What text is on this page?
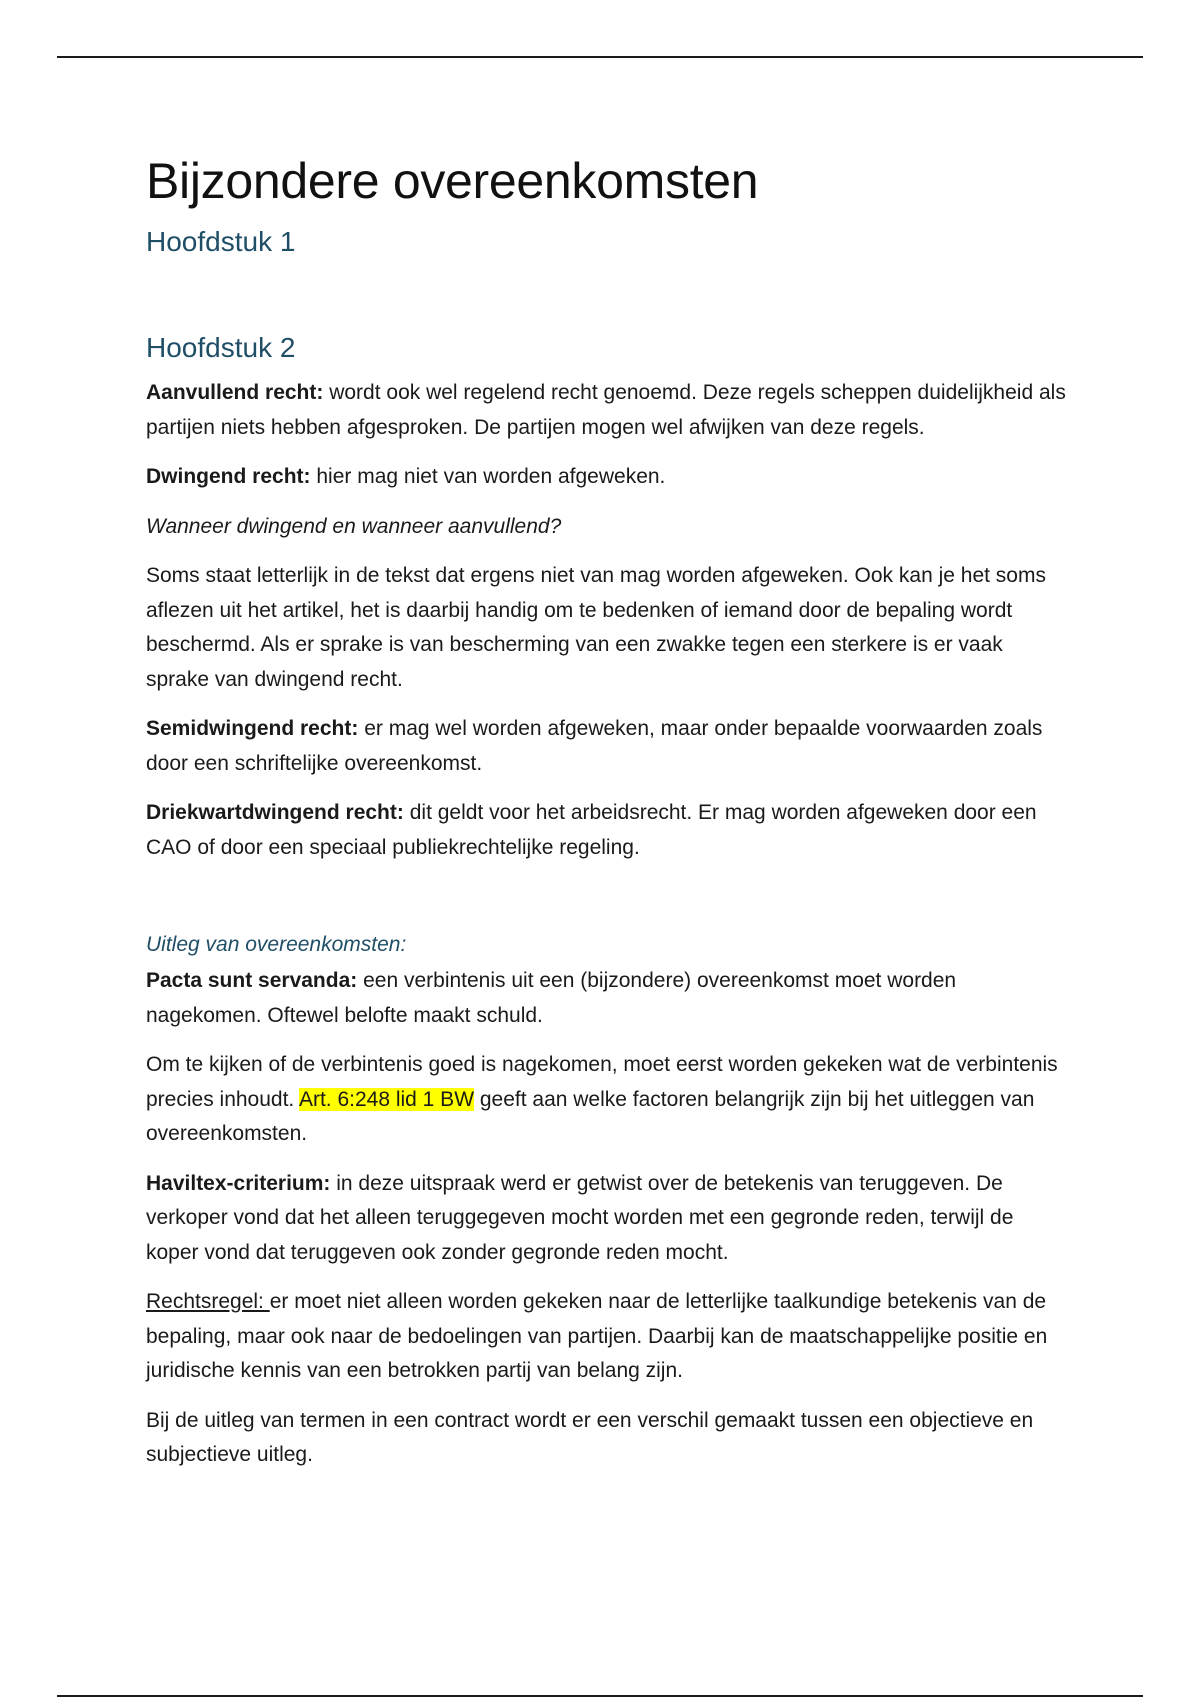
Bijzondere overeenkomsten
Hoofdstuk 1
Hoofdstuk 2

Aanvullend recht: wordt ook wel regelend recht genoemd. Deze regels scheppen duidelijkheid als partijen niets hebben afgesproken. De partijen mogen wel afwijken van deze regels.

Dwingend recht: hier mag niet van worden afgeweken.

Wanneer dwingend en wanneer aanvullend?

Soms staat letterlijk in de tekst dat ergens niet van mag worden afgeweken. Ook kan je het soms aflezen uit het artikel, het is daarbij handig om te bedenken of iemand door de bepaling wordt beschermd. Als er sprake is van bescherming van een zwakke tegen een sterkere is er vaak sprake van dwingend recht.

Semidwingend recht: er mag wel worden afgeweken, maar onder bepaalde voorwaarden zoals door een schriftelijke overeenkomst.

Driekwartdwingend recht: dit geldt voor het arbeidsrecht. Er mag worden afgeweken door een CAO of door een speciaal publiekrechtelijke regeling.

Uitleg van overeenkomsten:

Pacta sunt servanda: een verbintenis uit een (bijzondere) overeenkomst moet worden nagekomen. Oftewel belofte maakt schuld.

Om te kijken of de verbintenis goed is nagekomen, moet eerst worden gekeken wat de verbintenis precies inhoudt. Art. 6:248 lid 1 BW geeft aan welke factoren belangrijk zijn bij het uitleggen van overeenkomsten.

Haviltex-criterium: in deze uitspraak werd er getwist over de betekenis van teruggeven. De verkoper vond dat het alleen teruggegeven mocht worden met een gegronde reden, terwijl de koper vond dat teruggeven ook zonder gegronde reden mocht.

Rechtsregel: er moet niet alleen worden gekeken naar de letterlijke taalkundige betekenis van de bepaling, maar ook naar de bedoelingen van partijen. Daarbij kan de maatschappelijke positie en juridische kennis van een betrokken partij van belang zijn.

Bij de uitleg van termen in een contract wordt er een verschil gemaakt tussen een objectieve en subjectieve uitleg.
